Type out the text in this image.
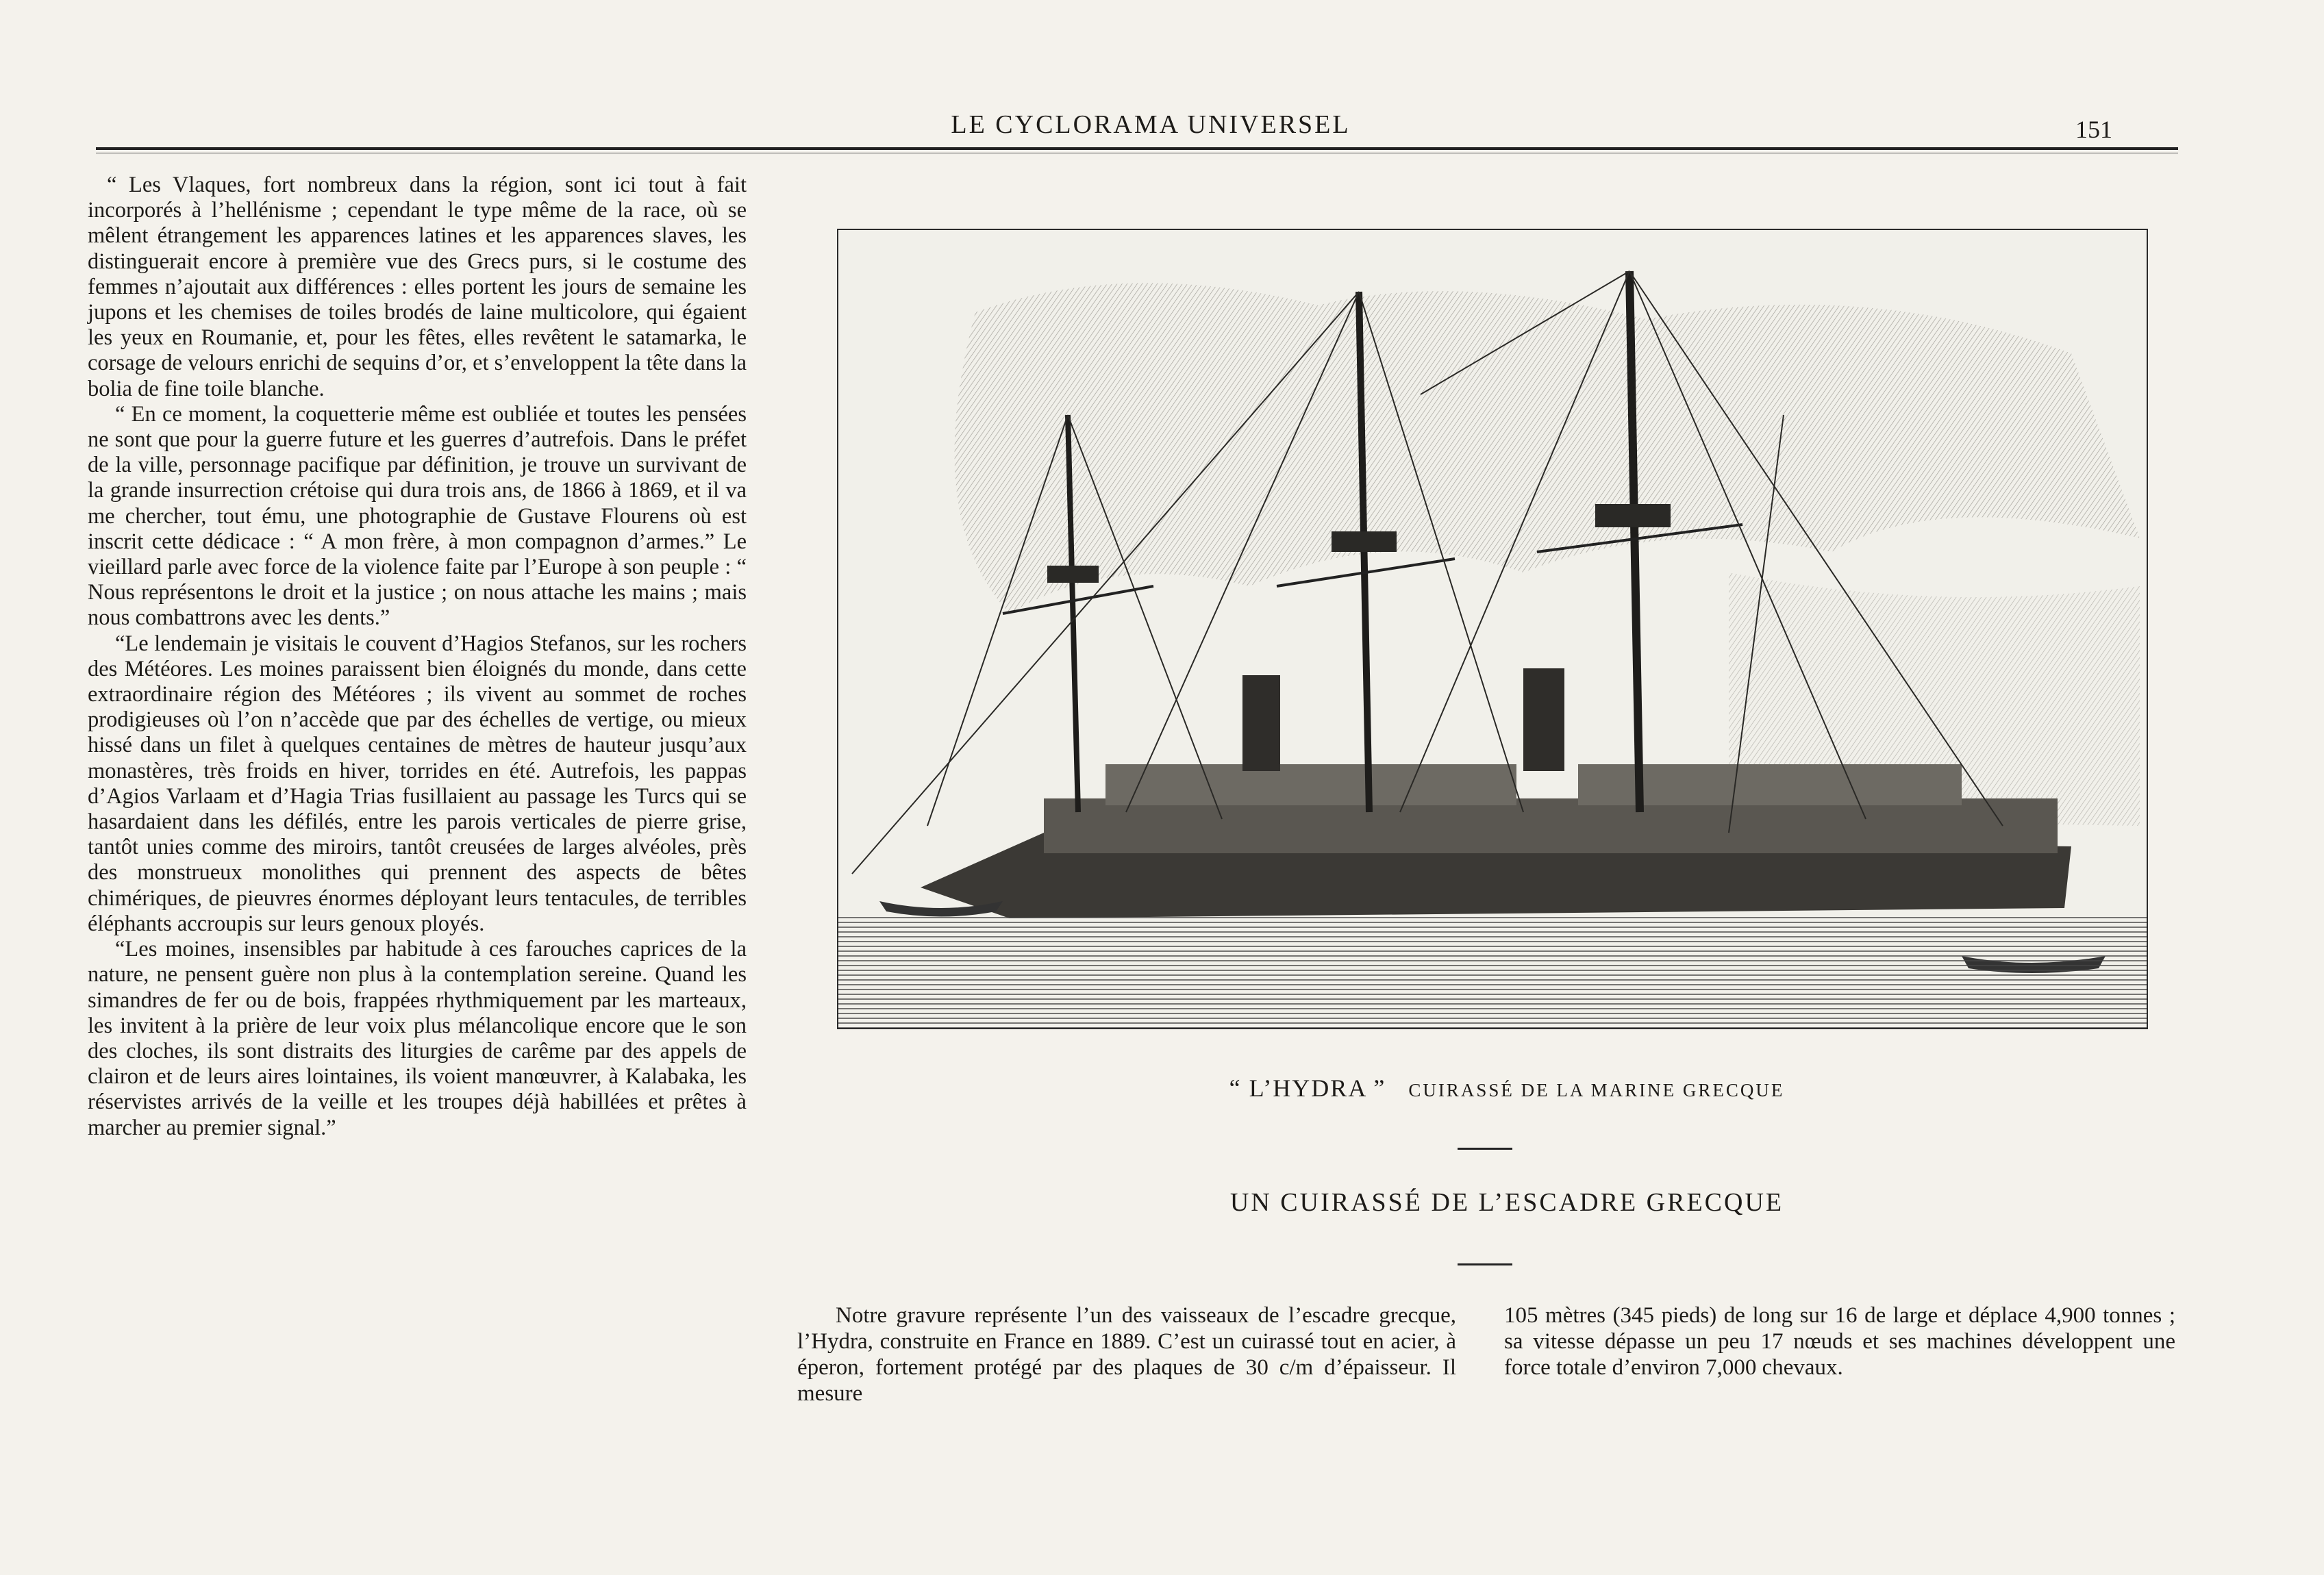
LE CYCLORAMA UNIVERSEL	151

“ Les Vlaques, fort nombreux dans la région, sont ici tout à fait incorporés à l’hellénisme ; cependant le type même de la race, où se mêlent étrangement les apparences latines et les apparences slaves, les distinguerait encore à première vue des Grecs purs, si le costume des femmes n’ajoutait aux différences : elles portent les jours de semaine les jupons et les chemises de toiles brodés de laine multicolore, qui égaient les yeux en Roumanie, et, pour les fêtes, elles revêtent le satamarka, le corsage de velours enrichi de sequins d’or, et s’enveloppent la tête dans la bolia de fine toile blanche.

“ En ce moment, la coquetterie même est oubliée et toutes les pensées ne sont que pour la guerre future et les guerres d’autrefois. Dans le préfet de la ville, personnage pacifique par définition, je trouve un survivant de la grande insurrection crétoise qui dura trois ans, de 1866 à 1869, et il va me chercher, tout ému, une photographie de Gustave Flourens où est inscrit cette dédicace : “ A mon frère, à mon compagnon d’armes.” Le vieillard parle avec force de la violence faite par l’Europe à son peuple : “ Nous représentons le droit et la justice ; on nous attache les mains ; mais nous combattrons avec les dents.”

“Le lendemain je visitais le couvent d’Hagios Stefanos, sur les rochers des Météores. Les moines paraissent bien éloignés du monde, dans cette extraordinaire région des Météores ; ils vivent au sommet de roches prodigieuses où l’on n’accède que par des échelles de vertige, ou mieux hissé dans un filet à quelques centaines de mètres de hauteur jusqu’aux monastères, très froids en hiver, torrides en été. Autrefois, les pappas d’Agios Varlaam et d’Hagia Trias fusillaient au passage les Turcs qui se hasardaient dans les défilés, entre les parois verticales de pierre grise, tantôt unies comme des miroirs, tantôt creusées de larges alvéoles, près des monstrueux monolithes qui prennent des aspects de bêtes chimériques, de pieuvres énormes déployant leurs tentacules, de terribles éléphants accroupis sur leurs genoux ployés.

“Les moines, insensibles par habitude à ces farouches caprices de la nature, ne pensent guère non plus à la contemplation sereine. Quand les simandres de fer ou de bois, frappées rhythmiquement par les marteaux, les invitent à la prière de leur voix plus mélancolique encore que le son des cloches, ils sont distraits des liturgies de carême par des appels de clairon et de leurs aires lointaines, ils voient manœuvrer, à Kalabaka, les réservistes arrivés de la veille et les troupes déjà habillées et prêtes à marcher au premier signal.”

“ L’HYDRA ” CUIRASSÉ DE LA MARINE GRECQUE
UN CUIRASSÉ DE L’ESCADRE GRECQUE

Notre gravure représente l’un des vaisseaux de l’escadre grecque, l’Hydra, construite en France en 1889. C’est un cuirassé tout en acier, à éperon, fortement protégé par des plaques de 30 c/m d’épaisseur. Il mesure

105 mètres (345 pieds) de long sur 16 de large et déplace 4,900 tonnes ; sa vitesse dépasse un peu 17 nœuds et ses machines développent une force totale d’environ 7,000 chevaux.
